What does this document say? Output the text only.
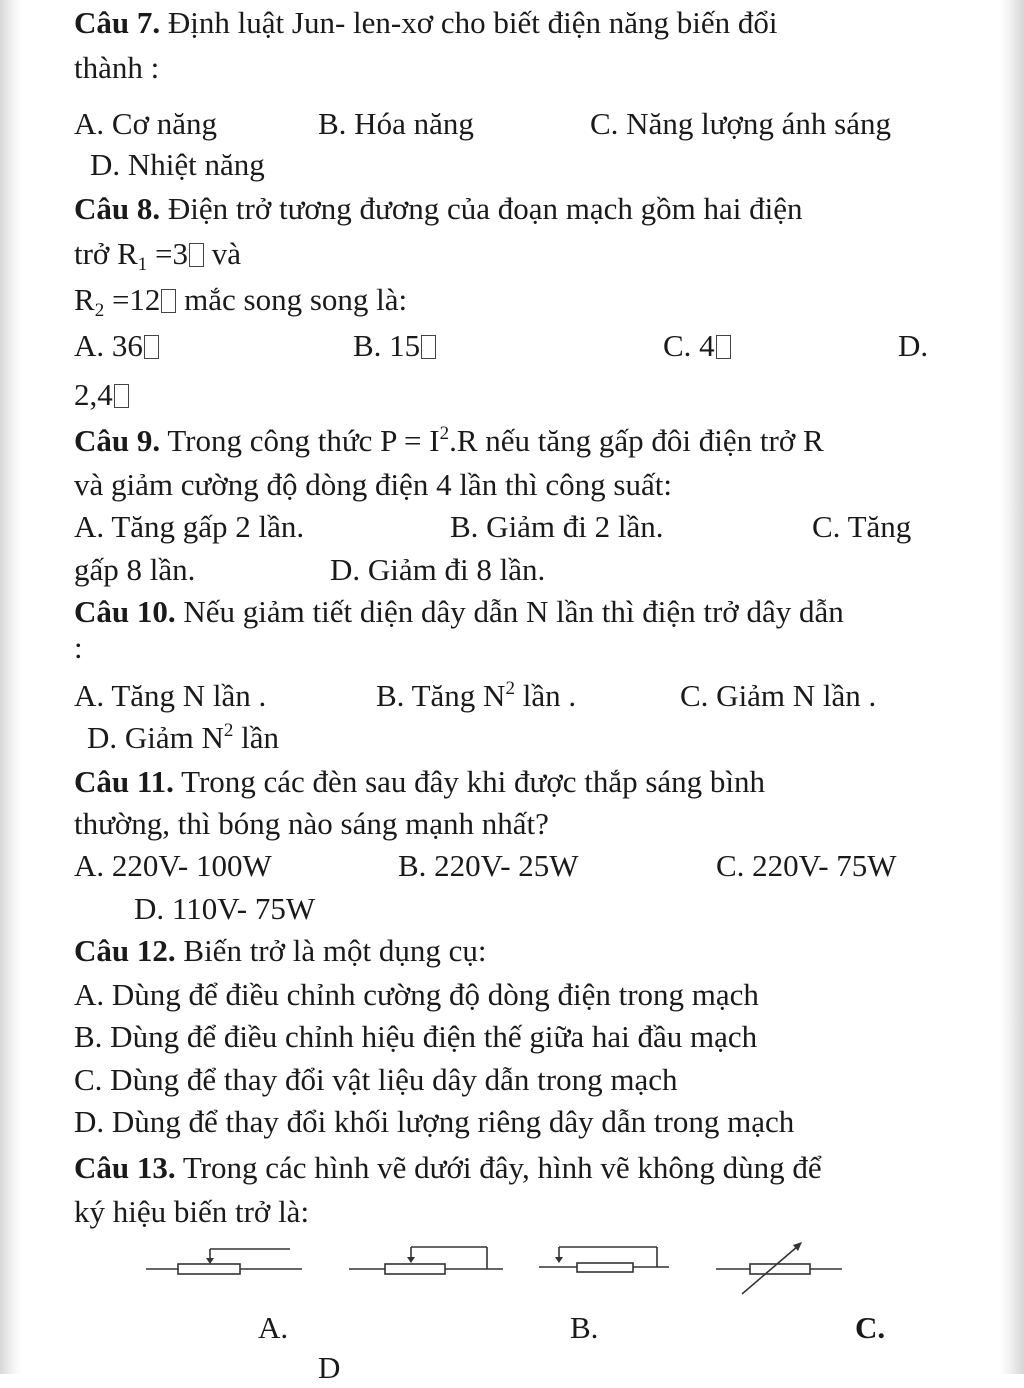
Câu 7. Định luật Jun- len-xơ cho biết điện năng biến đổi
thành :
A. Cơ năng	B. Hóa năng	C. Năng lượng ánh sáng
D. Nhiệt năng
Câu 8. Điện trở tương đương của đoạn mạch gồm hai điện
trở $R_1 =3$ và
$R_2 =12$ mắc song song là:
A. 36	B. 15	C. 4	D.
2,4
Câu 9. Trong công thức $P = I^2.R$ nếu tăng gấp đôi điện trở R
và giảm cường độ dòng điện 4 lần thì công suất:
A. Tăng gấp 2 lần.	B. Giảm đi 2 lần.	C. Tăng
gấp 8 lần.	D. Giảm đi 8 lần.
Câu 10. Nếu giảm tiết diện dây dẫn N lần thì điện trở dây dẫn
:
A. Tăng N lần .	B. Tăng $N^2$ lần .	C. Giảm N lần .
D. Giảm $N^2$ lần
Câu 11. Trong các đèn sau đây khi được thắp sáng bình
thường, thì bóng nào sáng mạnh nhất?
A. 220V- 100W	B. 220V- 25W	C. 220V- 75W
D. 110V- 75W
Câu 12. Biến trở là một dụng cụ:
A. Dùng để điều chỉnh cường độ dòng điện trong mạch
B. Dùng để điều chỉnh hiệu điện thế giữa hai đầu mạch
C. Dùng để thay đổi vật liệu dây dẫn trong mạch
D. Dùng để thay đổi khối lượng riêng dây dẫn trong mạch
Câu 13. Trong các hình vẽ dưới đây, hình vẽ không dùng để
ký hiệu biến trở là:
A.	B.	C.
D
